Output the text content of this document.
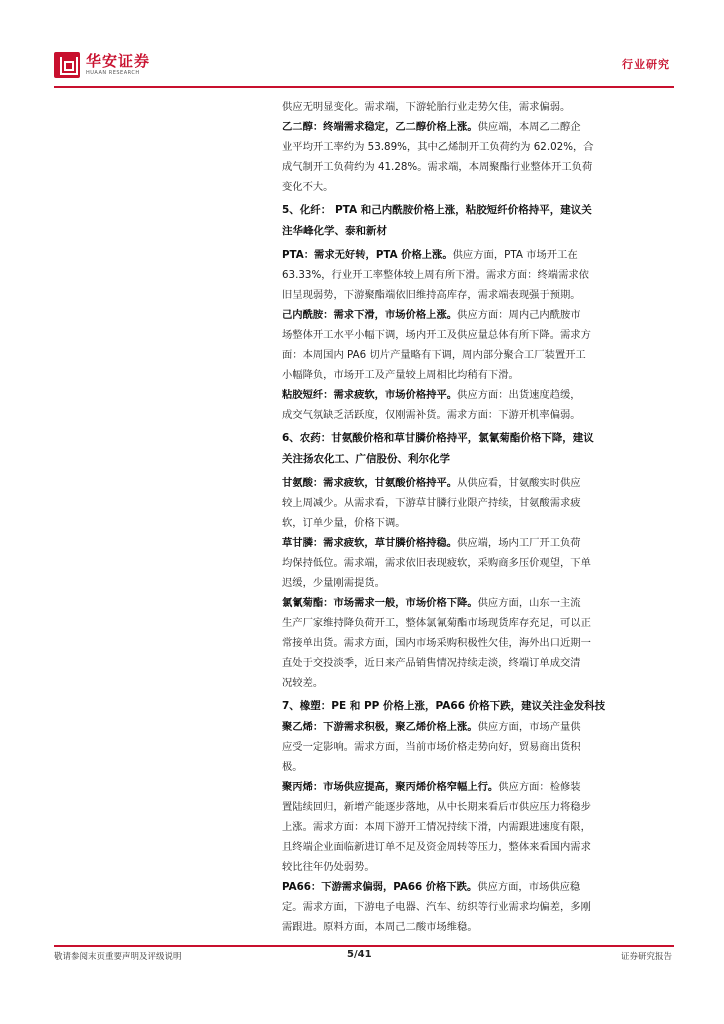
华安证券
HUAAN RESEARCH
行业研究
供应无明显变化。需求端，下游轮胎行业走势欠佳，需求偏弱。
乙二醇：终端需求稳定，乙二醇价格上涨。供应端，本周乙二醇企
业平均开工率约为 53.89%，其中乙烯制开工负荷约为 62.02%，合
成气制开工负荷约为 41.28%。需求端，本周聚酯行业整体开工负荷
变化不大。
5、化纤： PTA 和己内酰胺价格上涨，粘胶短纤价格持平，建议关
注华峰化学、泰和新材
PTA：需求无好转，PTA 价格上涨。供应方面，PTA 市场开工在
63.33%，行业开工率整体较上周有所下滑。需求方面：终端需求依
旧呈现弱势，下游聚酯端依旧维持高库存，需求端表现强于预期。
己内酰胺：需求下滑，市场价格上涨。供应方面：周内己内酰胺市
场整体开工水平小幅下调，场内开工及供应量总体有所下降。需求方
面：本周国内 PA6 切片产量略有下调，周内部分聚合工厂装置开工
小幅降负，市场开工及产量较上周相比均稍有下滑。
粘胶短纤：需求疲软，市场价格持平。供应方面：出货速度趋缓，
成交气氛缺乏活跃度，仅刚需补货。需求方面：下游开机率偏弱。
6、农药：甘氨酸价格和草甘膦价格持平，氯氰菊酯价格下降，建议
关注扬农化工、广信股份、利尔化学
甘氨酸：需求疲软，甘氨酸价格持平。从供应看，甘氨酸实时供应
较上周减少。从需求看，下游草甘膦行业限产持续，甘氨酸需求疲
软，订单少量，价格下调。
草甘膦：需求疲软，草甘膦价格持稳。供应端，场内工厂开工负荷
均保持低位。需求端，需求依旧表现疲软，采购商多压价观望，下单
迟缓，少量刚需提货。
氯氰菊酯：市场需求一般，市场价格下降。供应方面，山东一主流
生产厂家维持降负荷开工，整体氯氰菊酯市场现货库存充足，可以正
常接单出货。需求方面，国内市场采购积极性欠佳，海外出口近期一
直处于交投淡季，近日来产品销售情况持续走淡，终端订单成交清
况较差。
7、橡塑：PE 和 PP 价格上涨，PA66 价格下跌，建议关注金发科技
聚乙烯：下游需求积极，聚乙烯价格上涨。供应方面，市场产量供
应受一定影响。需求方面，当前市场价格走势向好，贸易商出货积
极。
聚丙烯：市场供应提高，聚丙烯价格窄幅上行。供应方面：检修装
置陆续回归，新增产能逐步落地，从中长期来看后市供应压力将稳步
上涨。需求方面：本周下游开工情况持续下滑，内需跟进速度有限，
且终端企业面临新进订单不足及资金周转等压力，整体来看国内需求
较比往年仍处弱势。
PA66：下游需求偏弱，PA66 价格下跌。供应方面，市场供应稳
定。需求方面，下游电子电器、汽车、纺织等行业需求均偏差，多刚
需跟进。原料方面，本周己二酸市场维稳。
敬请参阅末页重要声明及评级说明	5/41	证券研究报告
